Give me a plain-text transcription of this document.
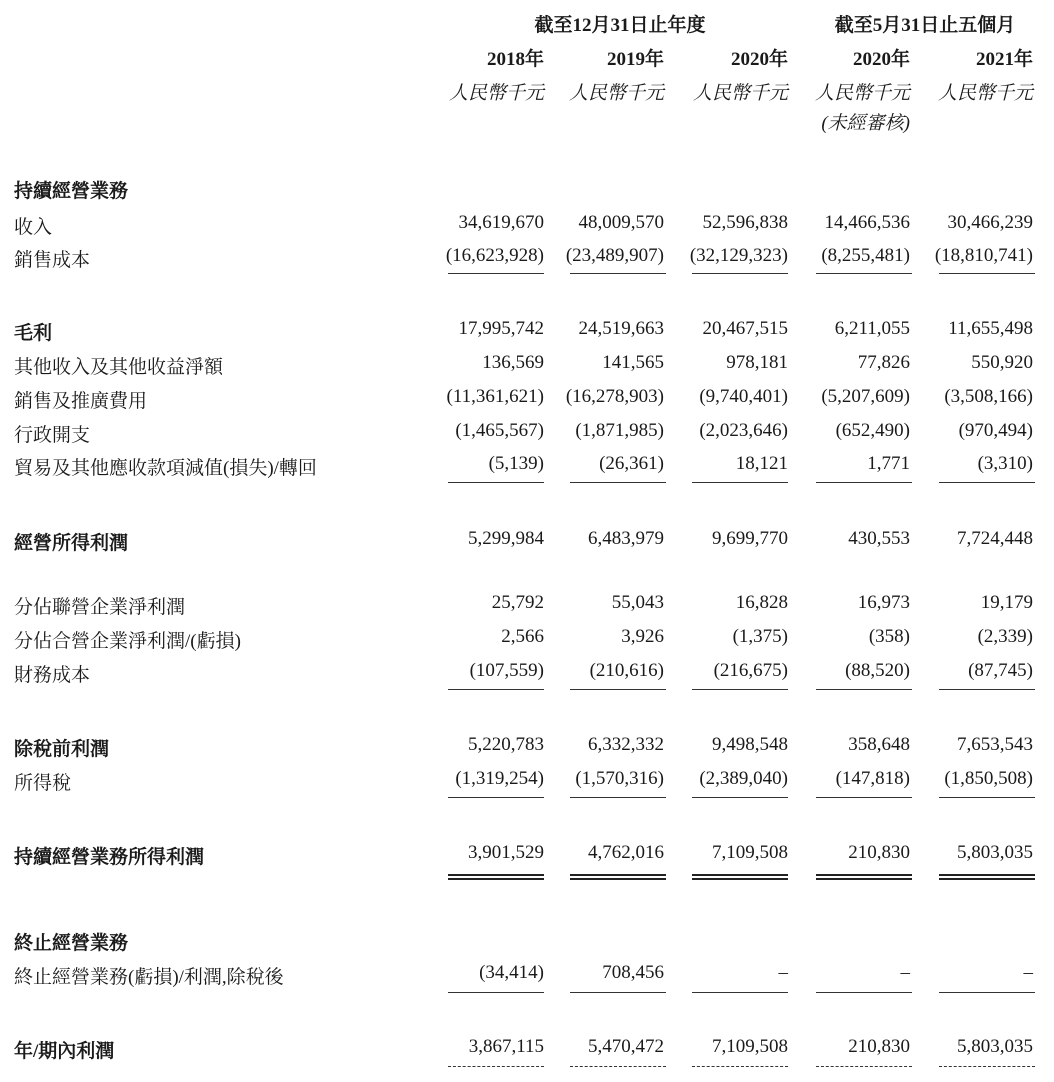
截至12月31日止年度	截至5月31日止五個月
2018年	2019年	2020年	2020年	2021年
人民幣千元	人民幣千元	人民幣千元	人民幣千元	人民幣千元
(未經審核)
持續經營業務
收入	34,619,670	48,009,570	52,596,838	14,466,536	30,466,239
銷售成本	(16,623,928)	(23,489,907)	(32,129,323)	(8,255,481)	(18,810,741)
毛利	17,995,742	24,519,663	20,467,515	6,211,055	11,655,498
其他收入及其他收益淨額	136,569	141,565	978,181	77,826	550,920
銷售及推廣費用	(11,361,621)	(16,278,903)	(9,740,401)	(5,207,609)	(3,508,166)
行政開支	(1,465,567)	(1,871,985)	(2,023,646)	(652,490)	(970,494)
貿易及其他應收款項減值(損失)/轉回	(5,139)	(26,361)	18,121	1,771	(3,310)
經營所得利潤	5,299,984	6,483,979	9,699,770	430,553	7,724,448
分佔聯營企業淨利潤	25,792	55,043	16,828	16,973	19,179
分佔合營企業淨利潤/(虧損)	2,566	3,926	(1,375)	(358)	(2,339)
財務成本	(107,559)	(210,616)	(216,675)	(88,520)	(87,745)
除稅前利潤	5,220,783	6,332,332	9,498,548	358,648	7,653,543
所得稅	(1,319,254)	(1,570,316)	(2,389,040)	(147,818)	(1,850,508)
持續經營業務所得利潤	3,901,529	4,762,016	7,109,508	210,830	5,803,035
終止經營業務
終止經營業務(虧損)/利潤,除稅後	(34,414)	708,456	–	–	–
年/期內利潤	3,867,115	5,470,472	7,109,508	210,830	5,803,035
